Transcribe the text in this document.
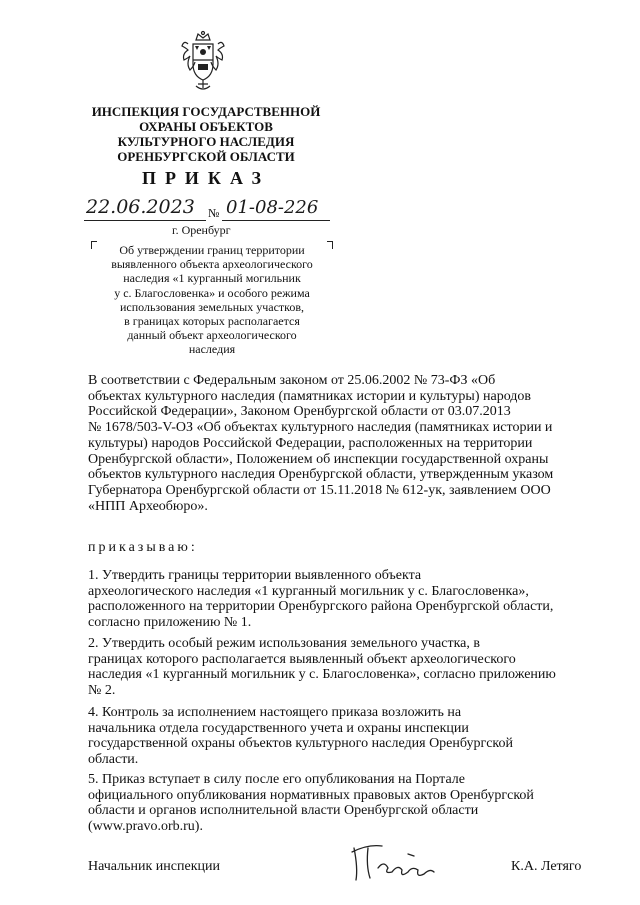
ИНСПЕКЦИЯ ГОСУДАРСТВЕННОЙ
ОХРАНЫ ОБЪЕКТОВ
КУЛЬТУРНОГО НАСЛЕДИЯ
ОРЕНБУРГСКОЙ ОБЛАСТИ
ПРИКАЗ
22.06.2023 № 01-08-226
г. Оренбург
Об утверждении границ территории
выявленного объекта археологического
наследия «1 курганный могильник
у с. Благословенка» и особого режима
использования земельных участков,
в границах которых располагается
данный объект археологического
наследия
В соответствии с Федеральным законом от 25.06.2002 № 73-ФЗ «Об
объектах культурного наследия (памятниках истории и культуры) народов
Российской Федерации», Законом Оренбургской области от 03.07.2013
№ 1678/503-V-ОЗ «Об объектах культурного наследия (памятниках истории и
культуры) народов Российской Федерации, расположенных на территории
Оренбургской области», Положением об инспекции государственной охраны
объектов культурного наследия Оренбургской области, утвержденным указом
Губернатора Оренбургской области от 15.11.2018 № 612-ук, заявлением ООО
«НПП Археобюро».
приказываю:
1. Утвердить границы территории выявленного объекта
археологического наследия «1 курганный могильник у с. Благословенка»,
расположенного на территории Оренбургского района Оренбургской области,
согласно приложению № 1.
2. Утвердить особый режим использования земельного участка, в
границах которого располагается выявленный объект археологического
наследия «1 курганный могильник у с. Благословенка», согласно приложению
№ 2.
4. Контроль за исполнением настоящего приказа возложить на
начальника отдела государственного учета и охраны инспекции
государственной охраны объектов культурного наследия Оренбургской
области.
5. Приказ вступает в силу после его опубликования на Портале
официального опубликования нормативных правовых актов Оренбургской
области и органов исполнительной власти Оренбургской области
(www.pravo.orb.ru).
Начальник инспекции	К.А. Летяго
